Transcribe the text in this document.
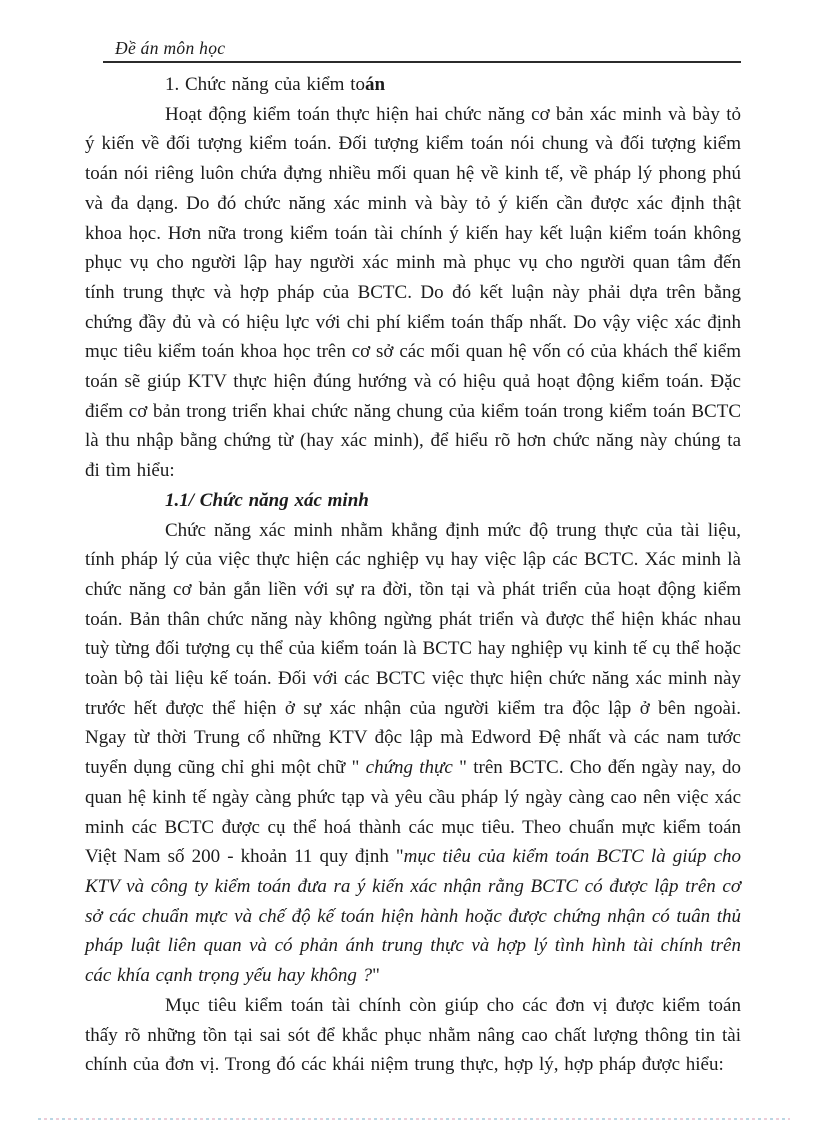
Đề án môn học

1. Chức năng của kiểm toán

Hoạt động kiểm toán thực hiện hai chức năng cơ bản xác minh và bày tỏ ý kiến về đối tượng kiểm toán. Đối tượng kiểm toán nói chung và đối tượng kiểm toán nói riêng luôn chứa đựng nhiều mối quan hệ về kinh tế, về pháp lý phong phú và đa dạng. Do đó chức năng xác minh và bày tỏ ý kiến cần được xác định thật khoa học. Hơn nữa trong kiểm toán tài chính ý kiến hay kết luận kiểm toán không phục vụ cho người lập hay người xác minh mà phục vụ cho người quan tâm đến tính trung thực và hợp pháp của BCTC. Do đó kết luận này phải dựa trên bằng chứng đầy đủ và có hiệu lực với chi phí kiểm toán thấp nhất. Do vậy việc xác định mục tiêu kiểm toán khoa học trên cơ sở các mối quan hệ vốn có của khách thể kiểm toán sẽ giúp KTV thực hiện đúng hướng và có hiệu quả hoạt động kiểm toán. Đặc điểm cơ bản trong triển khai chức năng chung của kiểm toán trong kiểm toán BCTC là thu nhập bằng chứng từ (hay xác minh), để hiểu rõ hơn chức năng này chúng ta đi tìm hiểu:

1.1/ Chức năng xác minh

Chức năng xác minh nhằm khẳng định mức độ trung thực của tài liệu, tính pháp lý của việc thực hiện các nghiệp vụ hay việc lập các BCTC. Xác minh là chức năng cơ bản gắn liền với sự ra đời, tồn tại và phát triển của hoạt động kiểm toán. Bản thân chức năng này không ngừng phát triển và được thể hiện khác nhau tuỳ từng đối tượng cụ thể của kiểm toán là BCTC hay nghiệp vụ kinh tế cụ thể hoặc toàn bộ tài liệu kế toán. Đối với các BCTC việc thực hiện chức năng xác minh này trước hết được thể hiện ở sự xác nhận của người kiểm tra độc lập ở bên ngoài. Ngay từ thời Trung cổ những KTV độc lập mà Edword Đệ nhất và các nam tước tuyển dụng cũng chỉ ghi một chữ " chứng thực " trên BCTC. Cho đến ngày nay, do quan hệ kinh tế ngày càng phức tạp và yêu cầu pháp lý ngày càng cao nên việc xác minh các BCTC được cụ thể hoá thành các mục tiêu. Theo chuẩn mực kiểm toán Việt Nam số 200 - khoản 11 quy định "mục tiêu của kiểm toán BCTC là giúp cho KTV và công ty kiểm toán đưa ra ý kiến xác nhận rằng BCTC có được lập trên cơ sở các chuẩn mực và chế độ kế toán hiện hành hoặc được chứng nhận có tuân thủ pháp luật liên quan và có phản ánh trung thực và hợp lý tình hình tài chính trên các khía cạnh trọng yếu hay không ?"

Mục tiêu kiểm toán tài chính còn giúp cho các đơn vị được kiểm toán thấy rõ những tồn tại sai sót để khắc phục nhằm nâng cao chất lượng thông tin tài chính của đơn vị. Trong đó các khái niệm trung thực, hợp lý, hợp pháp được hiểu:
